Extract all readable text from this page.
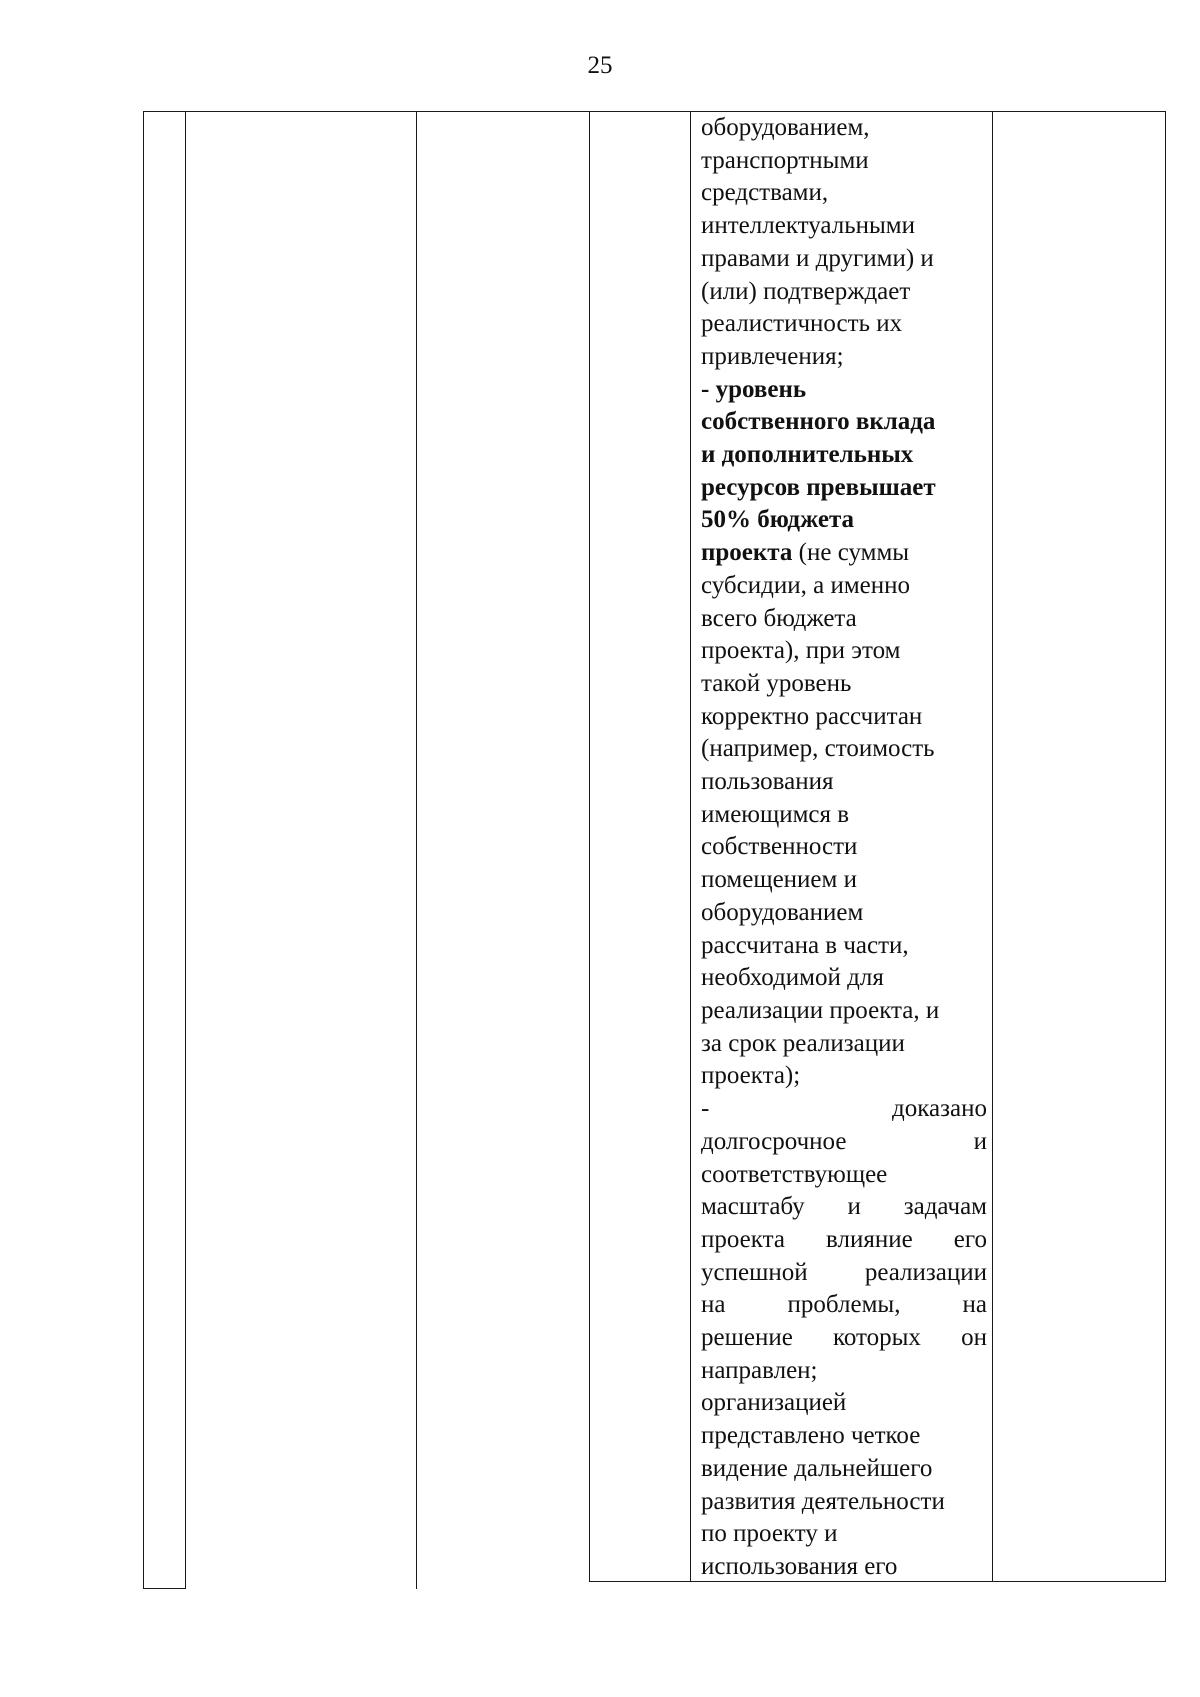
25
оборудованием,
транспортными
средствами,
интеллектуальными
правами и другими) и
(или) подтверждает
реалистичность их
привлечения;
- уровень
собственного вклада
и дополнительных
ресурсов превышает
50% бюджета
проекта (не суммы
субсидии, а именно
всего бюджета
проекта), при этом
такой уровень
корректно рассчитан
(например, стоимость
пользования
имеющимся в
собственности
помещением и
оборудованием
рассчитана в части,
необходимой для
реализации проекта, и
за срок реализации
проекта);
- доказано
долгосрочное и
соответствующее
масштабу и задачам
проекта влияние его
успешной реализации
на проблемы, на
решение которых он
направлен;
организацией
представлено четкое
видение дальнейшего
развития деятельности
по проекту и
использования его
